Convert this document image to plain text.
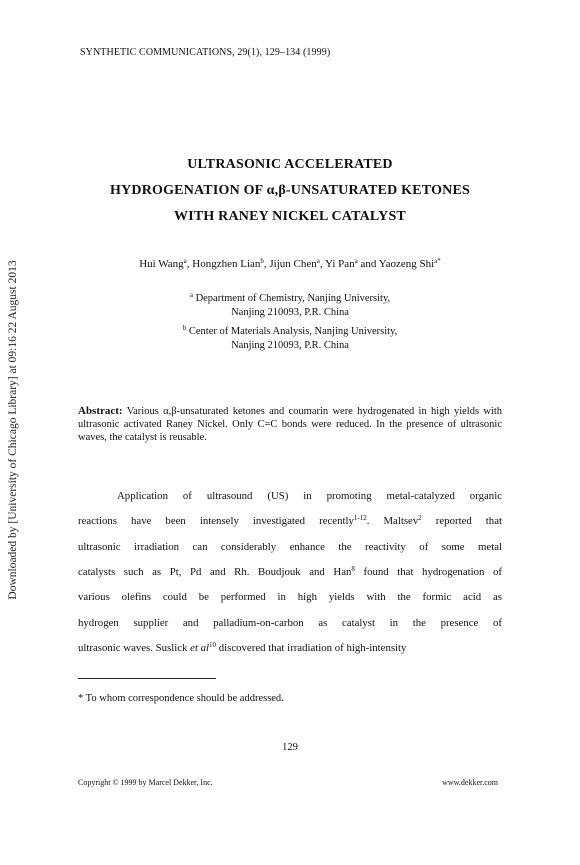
Downloaded by [University of Chicago Library] at 09:16 22 August 2013
SYNTHETIC COMMUNICATIONS, 29(1), 129–134 (1999)
ULTRASONIC ACCELERATED
HYDROGENATION OF α,β-UNSATURATED KETONES
WITH RANEY NICKEL CATALYST
Hui Wang$^a$, Hongzhen Lian$^b$, Jijun Chen$^a$, Yi Pan$^a$ and Yaozeng Shi$^{a*}$
$^a$ Department of Chemistry, Nanjing University,
Nanjing 210093, P.R. China
$^b$ Center of Materials Analysis, Nanjing University,
Nanjing 210093, P.R. China
Abstract: Various α,β-unsaturated ketones and coumarin were hydrogenated in high yields with ultrasonic activated Raney Nickel. Only C=C bonds were reduced. In the presence of ultrasonic waves, the catalyst is reusable.
Application of ultrasound (US) in promoting metal-catalyzed organic
reactions have been intensely investigated recently$^{1-12}$. Maltsev$^2$ reported that
ultrasonic irradiation can considerably enhance the reactivity of some metal
catalysts such as Pt, Pd and Rh. Boudjouk and Han$^8$ found that hydrogenation of
various olefins could be performed in high yields with the formic acid as
hydrogen supplier and palladium-on-carbon as catalyst in the presence of
ultrasonic waves. Suslick et $al^{10}$ discovered that irradiation of high-intensity
* To whom correspondence should be addressed.
129
Copyright © 1999 by Marcel Dekker, Inc.	www.dekker.com
